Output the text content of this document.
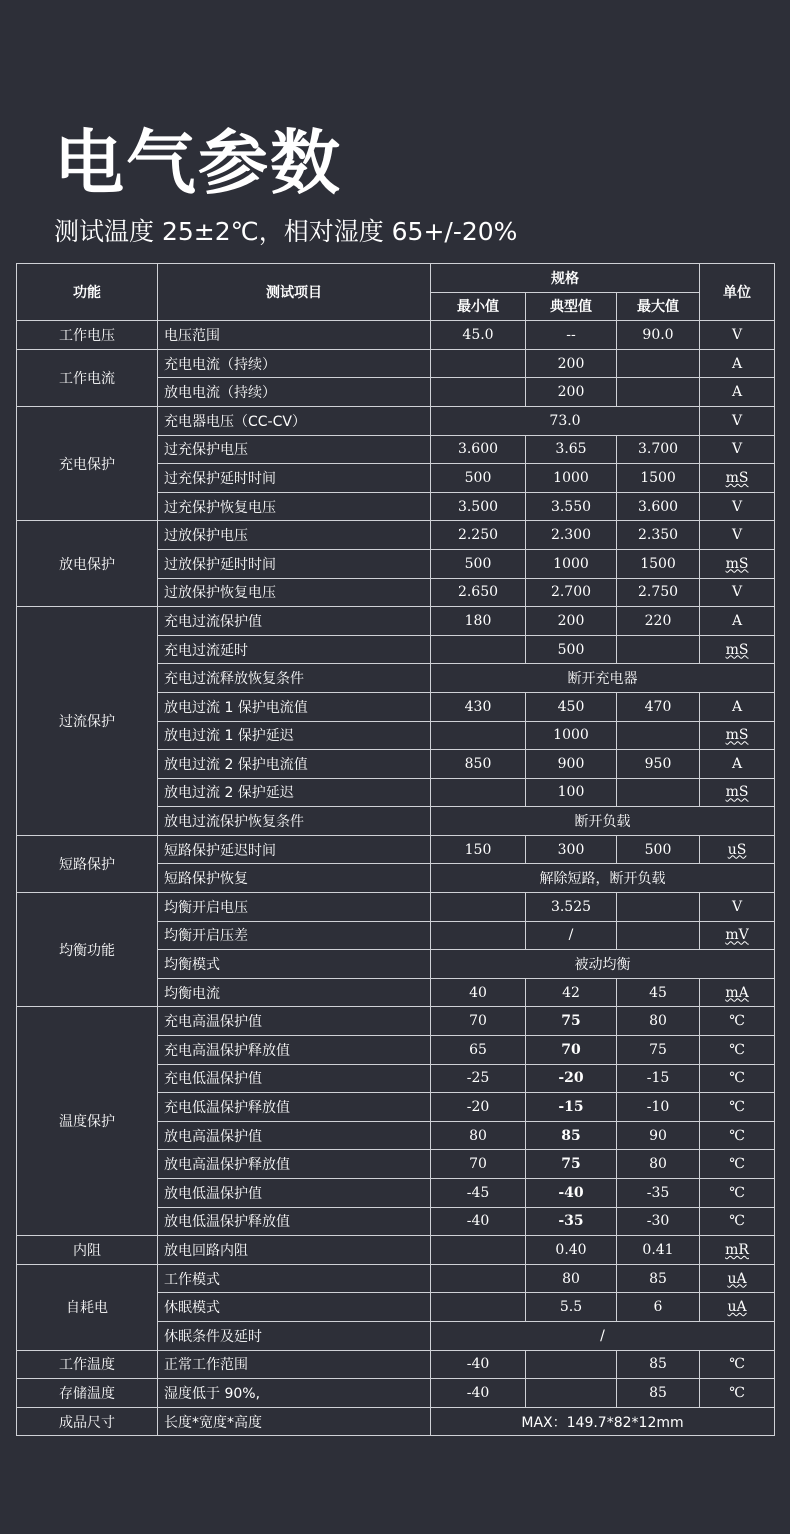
电气参数
测试温度 25±2℃，相对湿度 65+/-20%
功能	测试项目	规格			单位
		最小值	典型值	最大值	
工作电压	电压范围	45.0	--	90.0	V
工作电流	充电电流（持续）		200		A
	放电电流（持续）		200		A
充电保护	充电器电压（CC-CV）	73.0			V
	过充保护电压	3.600	3.65	3.700	V
	过充保护延时时间	500	1000	1500	mS
	过充保护恢复电压	3.500	3.550	3.600	V
放电保护	过放保护电压	2.250	2.300	2.350	V
	过放保护延时时间	500	1000	1500	mS
	过放保护恢复电压	2.650	2.700	2.750	V
过流保护	充电过流保护值	180	200	220	A
	充电过流延时		500		mS
	充电过流释放恢复条件	断开充电器			
	放电过流 1 保护电流值	430	450	470	A
	放电过流 1 保护延迟		1000		mS
	放电过流 2 保护电流值	850	900	950	A
	放电过流 2 保护延迟		100		mS
	放电过流保护恢复条件	断开负载			
短路保护	短路保护延迟时间	150	300	500	uS
	短路保护恢复	解除短路，断开负载			
均衡功能	均衡开启电压		3.525		V
	均衡开启压差		/		mV
	均衡模式	被动均衡			
	均衡电流	40	42	45	mA
温度保护	充电高温保护值	70	75	80	℃
	充电高温保护释放值	65	70	75	℃
	充电低温保护值	-25	-20	-15	℃
	充电低温保护释放值	-20	-15	-10	℃
	放电高温保护值	80	85	90	℃
	放电高温保护释放值	70	75	80	℃
	放电低温保护值	-45	-40	-35	℃
	放电低温保护释放值	-40	-35	-30	℃
内阻	放电回路内阻		0.40	0.41	mR
自耗电	工作模式		80	85	uA
	休眠模式		5.5	6	uA
	休眠条件及延时	/			
工作温度	正常工作范围	-40		85	℃
存储温度	湿度低于 90%,	-40		85	℃
成品尺寸	长度*宽度*高度	MAX：149.7*82*12mm			
